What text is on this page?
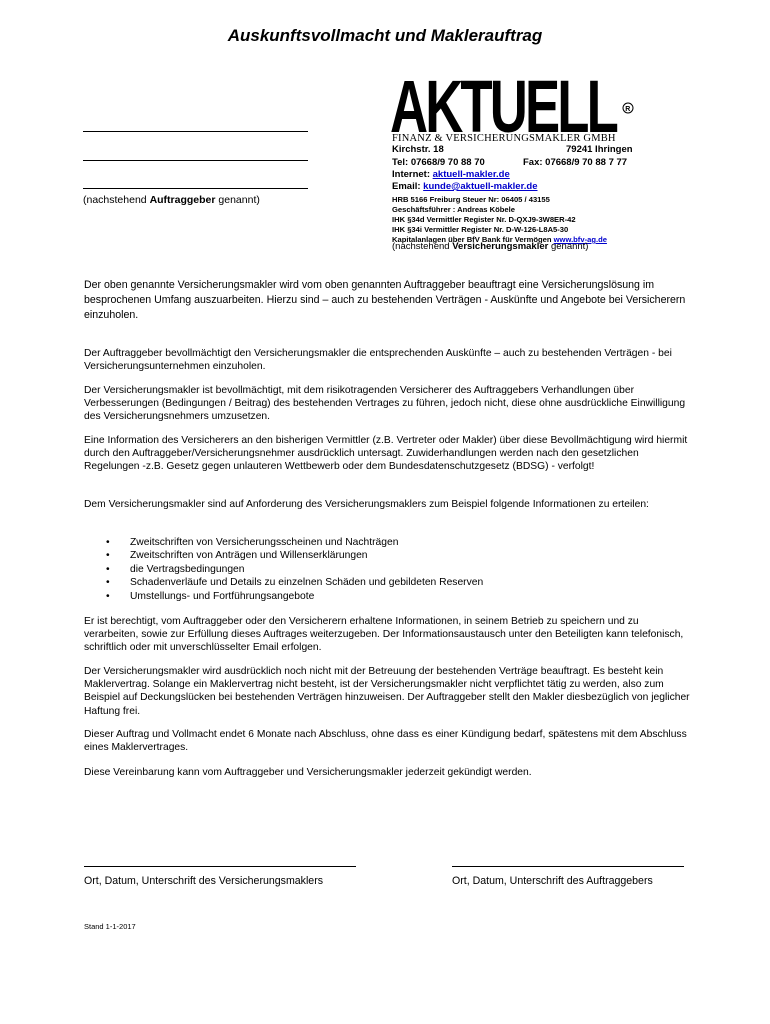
Auskunftsvollmacht und Maklerauftrag
(nachstehend Auftraggeber genannt)
AKTUELL R
FINANZ & VERSICHERUNGSMAKLER GMBH
Kirchstr. 18	79241 Ihringen
Tel: 07668/9 70 88 70	Fax: 07668/9 70 88 7 77
Internet: aktuell-makler.de
Email: kunde@aktuell-makler.de
HRB 5166 Freiburg Steuer Nr: 06405 / 43155
Geschäftsführer : Andreas Köbele
IHK §34d Vermittler Register Nr. D-QXJ9-3W8ER-42
IHK §34i Vermittler Register Nr. D-W-126-L8A5-30
Kapitalanlagen über BfV Bank für Vermögen www.bfv-ag.de
(nachstehend Versicherungsmakler genannt)
Der oben genannte Versicherungsmakler wird vom oben genannten Auftraggeber beauftragt eine Versicherungslösung im besprochenen Umfang auszuarbeiten. Hierzu sind – auch zu bestehenden Verträgen - Auskünfte und Angebote bei Versicherern einzuholen.
Der Auftraggeber bevollmächtigt den Versicherungsmakler die entsprechenden Auskünfte – auch zu bestehenden Verträgen - bei Versicherungsunternehmen einzuholen.
Der Versicherungsmakler ist bevollmächtigt, mit dem risikotragenden Versicherer des Auftraggebers Verhandlungen über Verbesserungen (Bedingungen / Beitrag) des bestehenden Vertrages zu führen, jedoch nicht, diese ohne ausdrückliche Einwilligung des Versicherungsnehmers umzusetzen.
Eine Information des Versicherers an den bisherigen Vermittler (z.B. Vertreter oder Makler) über diese Bevollmächtigung wird hiermit durch den Auftraggeber/Versicherungsnehmer ausdrücklich untersagt. Zuwiderhandlungen werden nach den gesetzlichen Regelungen -z.B. Gesetz gegen unlauteren Wettbewerb oder dem Bundesdatenschutzgesetz (BDSG) - verfolgt!
Dem Versicherungsmakler sind auf Anforderung des Versicherungsmaklers zum Beispiel folgende Informationen zu erteilen:
• Zweitschriften von Versicherungsscheinen und Nachträgen
• Zweitschriften von Anträgen und Willenserklärungen
• die Vertragsbedingungen
• Schadenverläufe und Details zu einzelnen Schäden und gebildeten Reserven
• Umstellungs- und Fortführungsangebote
Er ist berechtigt, vom Auftraggeber oder den Versicherern erhaltene Informationen, in seinem Betrieb zu speichern und zu verarbeiten, sowie zur Erfüllung dieses Auftrages weiterzugeben. Der Informationsaustausch unter den Beteiligten kann telefonisch, schriftlich oder mit unverschlüsselter Email erfolgen.
Der Versicherungsmakler wird ausdrücklich noch nicht mit der Betreuung der bestehenden Verträge beauftragt. Es besteht kein Maklervertrag. Solange ein Maklervertrag nicht besteht, ist der Versicherungsmakler nicht verpflichtet tätig zu werden, also zum Beispiel auf Deckungslücken bei bestehenden Verträgen hinzuweisen. Der Auftraggeber stellt den Makler diesbezüglich von jeglicher Haftung frei.
Dieser Auftrag und Vollmacht endet 6 Monate nach Abschluss, ohne dass es einer Kündigung bedarf, spätestens mit dem Abschluss eines Maklervertrages.
Diese Vereinbarung kann vom Auftraggeber und Versicherungsmakler jederzeit gekündigt werden.
Ort, Datum, Unterschrift des Versicherungsmaklers	Ort, Datum, Unterschrift des Auftraggebers
Stand 1-1-2017
